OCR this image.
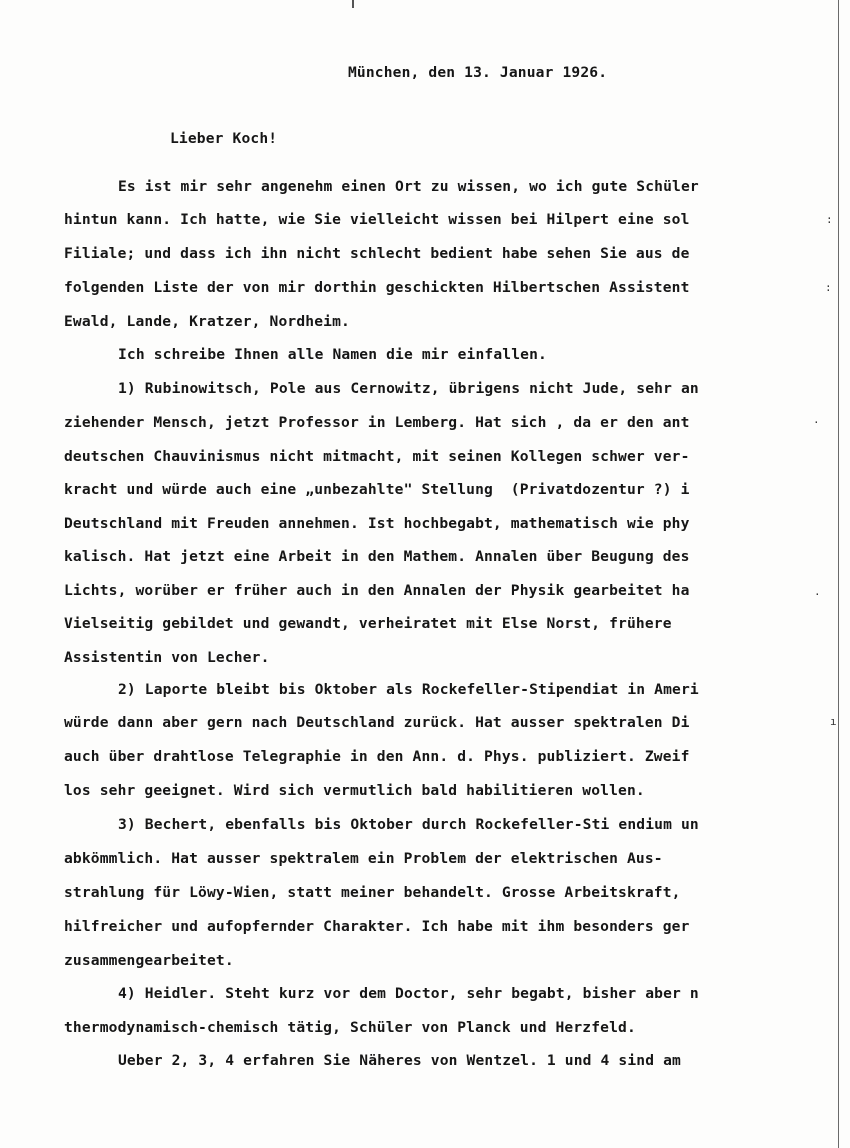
München, den 13. Januar 1926.
Lieber Koch!
Es ist mir sehr angenehm einen Ort zu wissen, wo ich gute Schüler
hintun kann. Ich hatte, wie Sie vielleicht wissen bei Hilpert eine sol
Filiale; und dass ich ihn nicht schlecht bedient habe sehen Sie aus de
folgenden Liste der von mir dorthin geschickten Hilbertschen Assistent
Ewald, Lande, Kratzer, Nordheim.
Ich schreibe Ihnen alle Namen die mir einfallen.
1) Rubinowitsch, Pole aus Cernowitz, übrigens nicht Jude, sehr an
ziehender Mensch, jetzt Professor in Lemberg. Hat sich , da er den ant
deutschen Chauvinismus nicht mitmacht, mit seinen Kollegen schwer ver-
kracht und würde auch eine „unbezahlte" Stellung  (Privatdozentur ?) i
Deutschland mit Freuden annehmen. Ist hochbegabt, mathematisch wie phy
kalisch. Hat jetzt eine Arbeit in den Mathem. Annalen über Beugung des
Lichts, worüber er früher auch in den Annalen der Physik gearbeitet ha
Vielseitig gebildet und gewandt, verheiratet mit Else Norst, frühere
Assistentin von Lecher.
2) Laporte bleibt bis Oktober als Rockefeller-Stipendiat in Ameri
würde dann aber gern nach Deutschland zurück. Hat ausser spektralen Di
auch über drahtlose Telegraphie in den Ann. d. Phys. publiziert. Zweif
los sehr geeignet. Wird sich vermutlich bald habilitieren wollen.
3) Bechert, ebenfalls bis Oktober durch Rockefeller-Sti endium un
abkömmlich. Hat ausser spektralem ein Problem der elektrischen Aus-
strahlung für Löwy-Wien, statt meiner behandelt. Grosse Arbeitskraft,
hilfreicher und aufopfernder Charakter. Ich habe mit ihm besonders ger
zusammengearbeitet.
4) Heidler. Steht kurz vor dem Doctor, sehr begabt, bisher aber n
thermodynamisch-chemisch tätig, Schüler von Planck und Herzfeld.
Ueber 2, 3, 4 erfahren Sie Näheres von Wentzel. 1 und 4 sind am
:
:
·
.
ı
